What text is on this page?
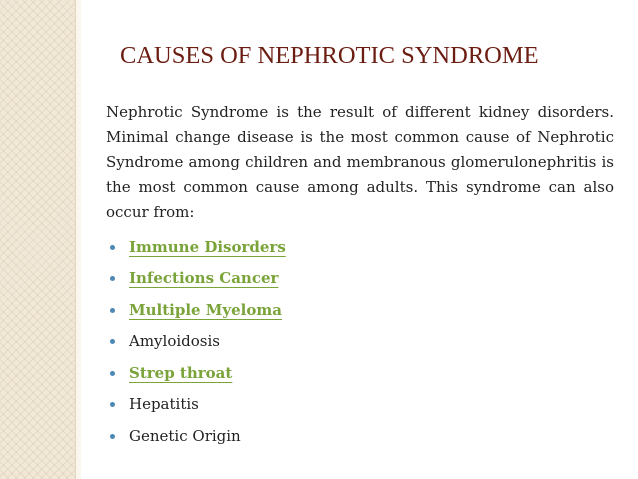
CAUSES OF NEPHROTIC SYNDROME

Nephrotic Syndrome is the result of different kidney disorders. Minimal change disease is the most common cause of Nephrotic Syndrome among children and membranous glomerulonephritis is the most common cause among adults. This syndrome can also occur from:

Immune Disorders
Infections Cancer
Multiple Myeloma
Amyloidosis
Strep throat
Hepatitis
Genetic Origin
